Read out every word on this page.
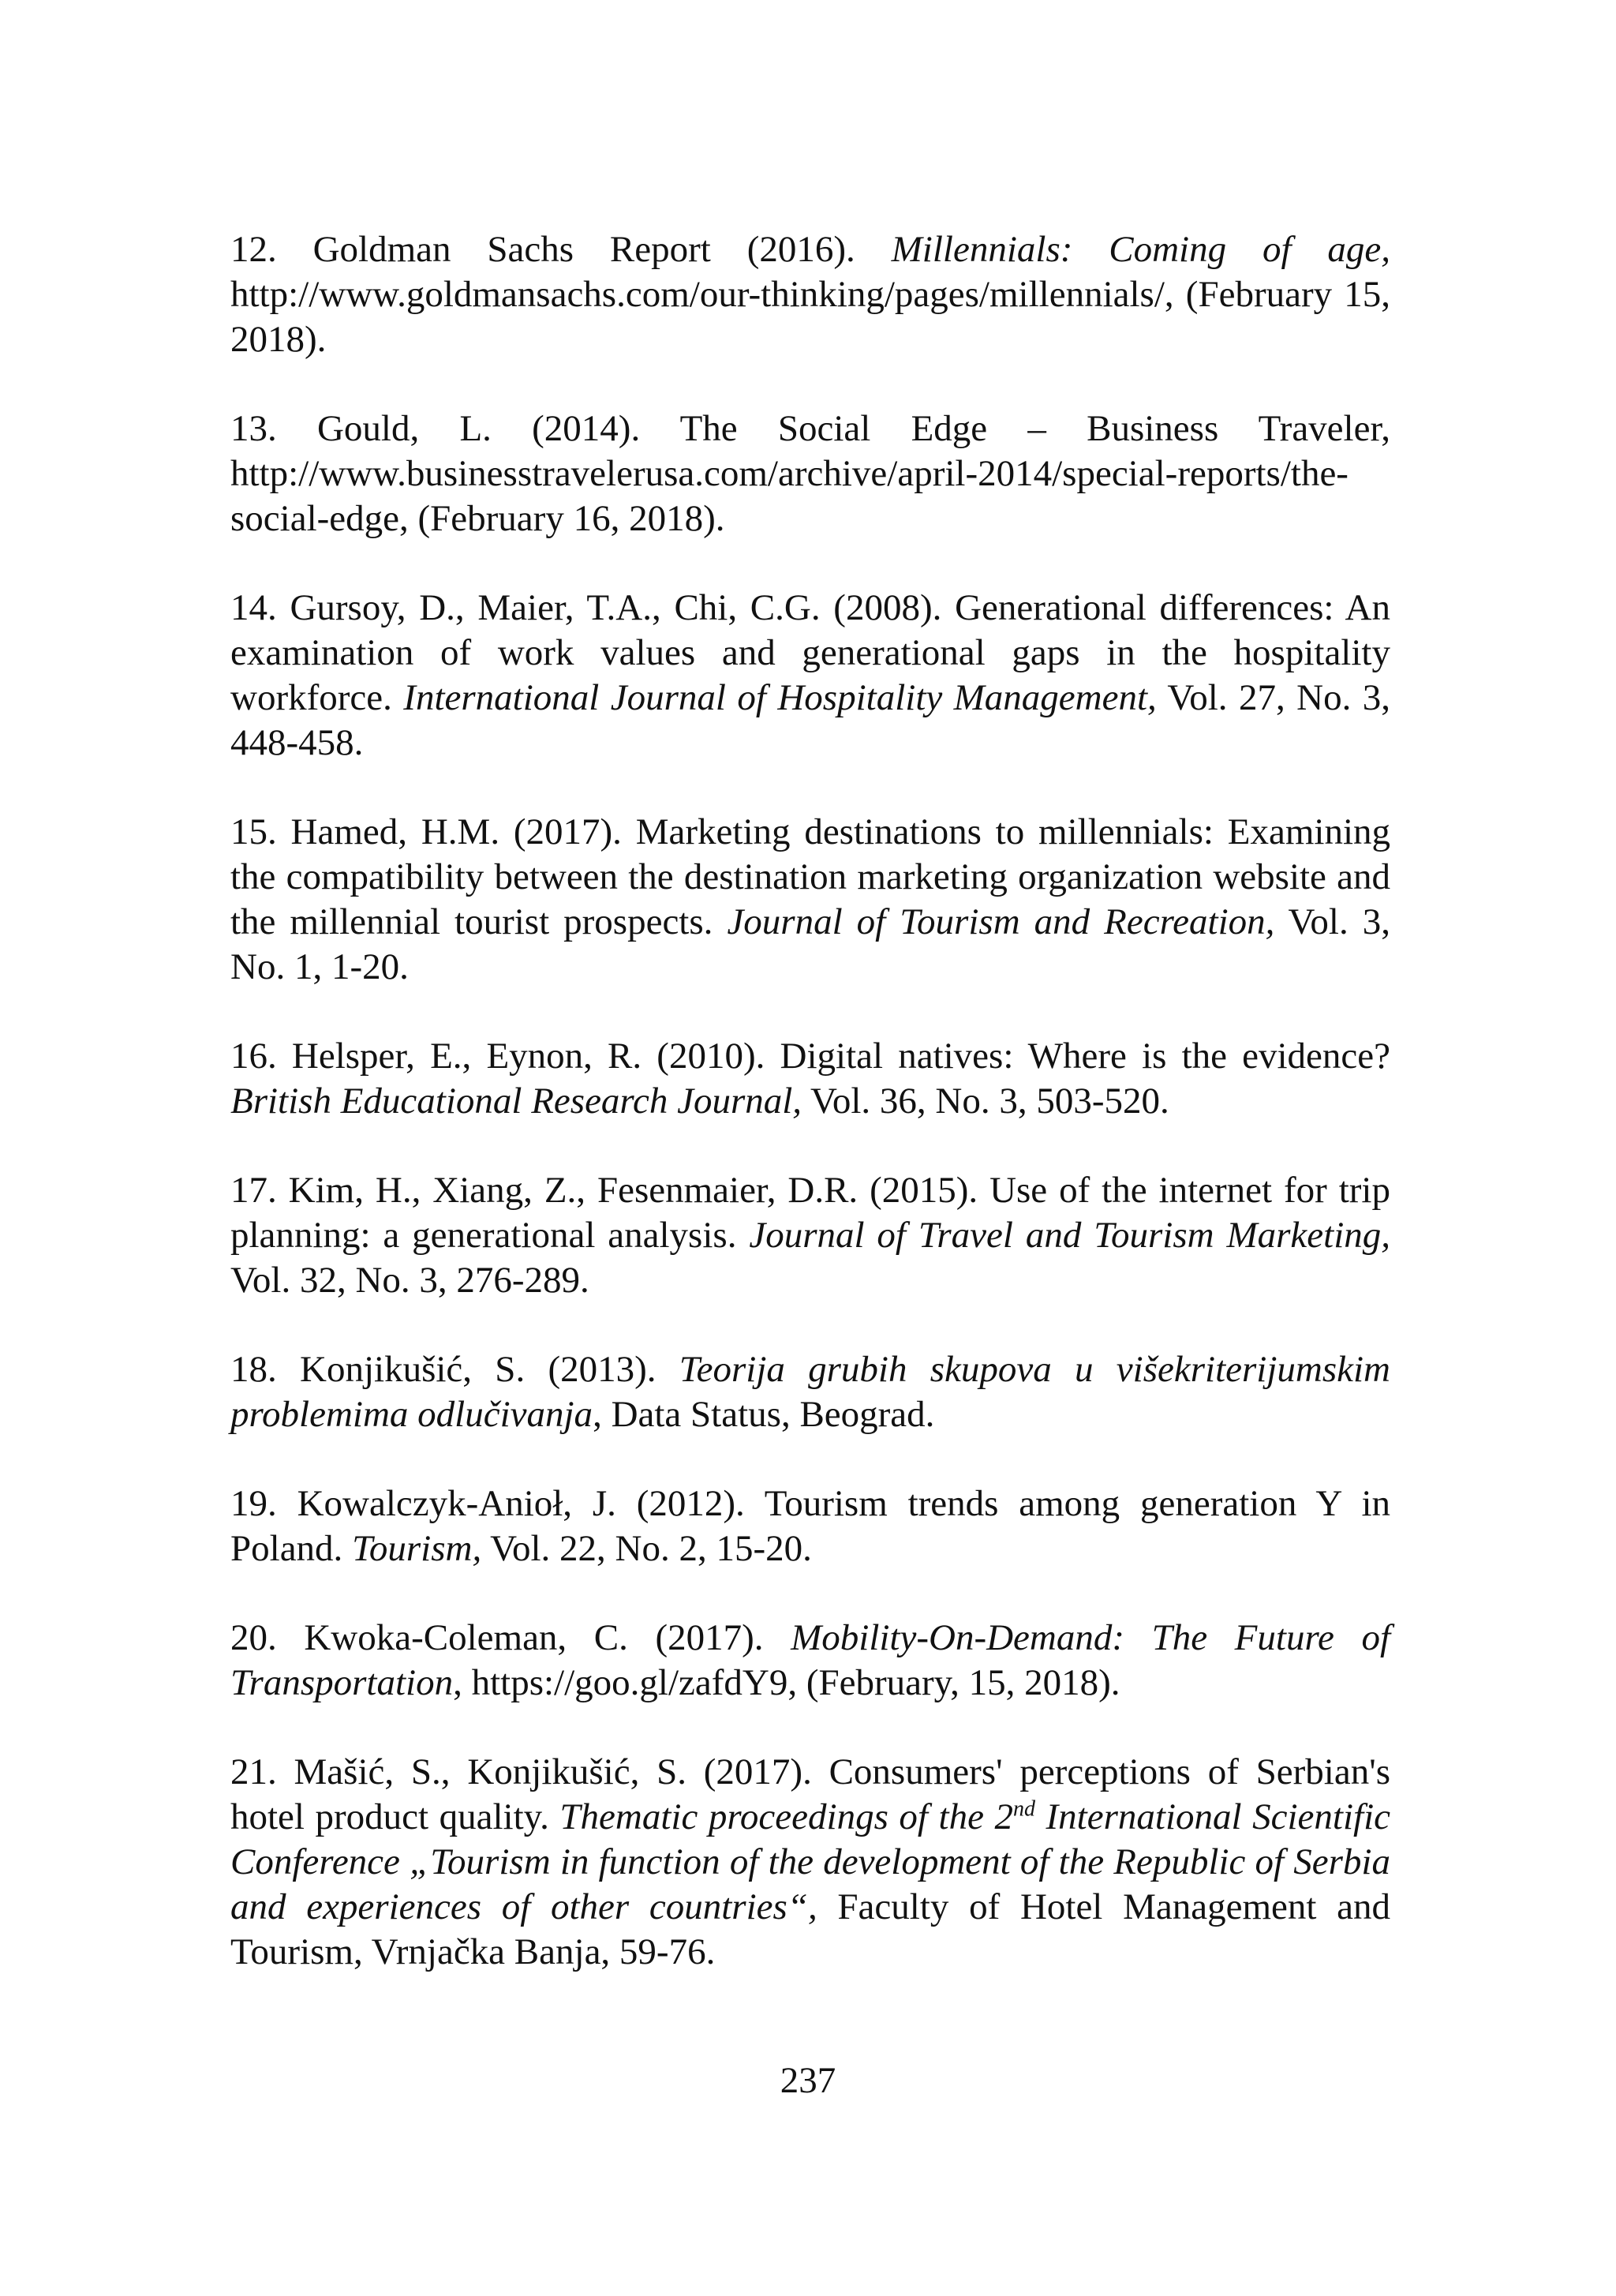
12. Goldman Sachs Report (2016). Millennials: Coming of age, http://www.goldmansachs.com/our-thinking/pages/millennials/, (February 15, 2018).

13. Gould, L. (2014). The Social Edge – Business Traveler, http://www.businesstravelerusa.com/archive/april-2014/special-reports/the-social-edge, (February 16, 2018).

14. Gursoy, D., Maier, T.A., Chi, C.G. (2008). Generational differences: An examination of work values and generational gaps in the hospitality workforce. International Journal of Hospitality Management, Vol. 27, No. 3, 448-458.

15. Hamed, H.M. (2017). Marketing destinations to millennials: Examining the compatibility between the destination marketing organization website and the millennial tourist prospects. Journal of Tourism and Recreation, Vol. 3, No. 1, 1-20.

16. Helsper, E., Eynon, R. (2010). Digital natives: Where is the evidence? British Educational Research Journal, Vol. 36, No. 3, 503-520.

17. Kim, H., Xiang, Z., Fesenmaier, D.R. (2015). Use of the internet for trip planning: a generational analysis. Journal of Travel and Tourism Marketing, Vol. 32, No. 3, 276-289.

18. Konjikušić, S. (2013). Teorija grubih skupova u višekriterijumskim problemima odlučivanja, Data Status, Beograd.

19. Kowalczyk-Anioł, J. (2012). Tourism trends among generation Y in Poland. Tourism, Vol. 22, No. 2, 15-20.

20. Kwoka-Coleman, C. (2017). Mobility-On-Demand: The Future of Transportation, https://goo.gl/zafdY9, (February, 15, 2018).

21. Mašić, S., Konjikušić, S. (2017). Consumers' perceptions of Serbian's hotel product quality. Thematic proceedings of the 2nd International Scientific Conference „Tourism in function of the development of the Republic of Serbia and experiences of other countries“, Faculty of Hotel Management and Tourism, Vrnjačka Banja, 59-76.

237
